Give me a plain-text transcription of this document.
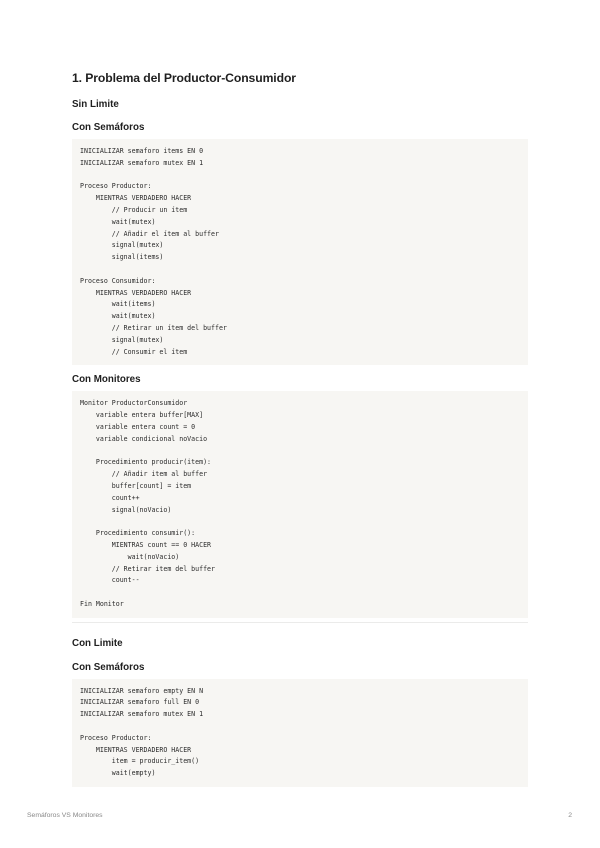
1. Problema del Productor-Consumidor
Sin Limite
Con Semáforos
INICIALIZAR semaforo items EN 0
INICIALIZAR semaforo mutex EN 1

Proceso Productor:
MIENTRAS VERDADERO HACER
// Producir un ítem
wait(mutex)
// Añadir el ítem al buffer
signal(mutex)
signal(items)

Proceso Consumidor:
MIENTRAS VERDADERO HACER
wait(items)
wait(mutex)
// Retirar un ítem del buffer
signal(mutex)
// Consumir el ítem
Con Monitores
Monitor ProductorConsumidor
variable entera buffer[MAX]
variable entera count = 0
variable condicional noVacio

Procedimiento producir(item):
// Añadir item al buffer
buffer[count] = item
count++
signal(noVacio)

Procedimiento consumir():
MIENTRAS count == 0 HACER
wait(noVacio)
// Retirar item del buffer
count--

Fin Monitor
Con Limite
Con Semáforos
INICIALIZAR semaforo empty EN N
INICIALIZAR semaforo full EN 0
INICIALIZAR semaforo mutex EN 1

Proceso Productor:
MIENTRAS VERDADERO HACER
item = producir_item()
wait(empty)
Semáforos VS Monitores	2
